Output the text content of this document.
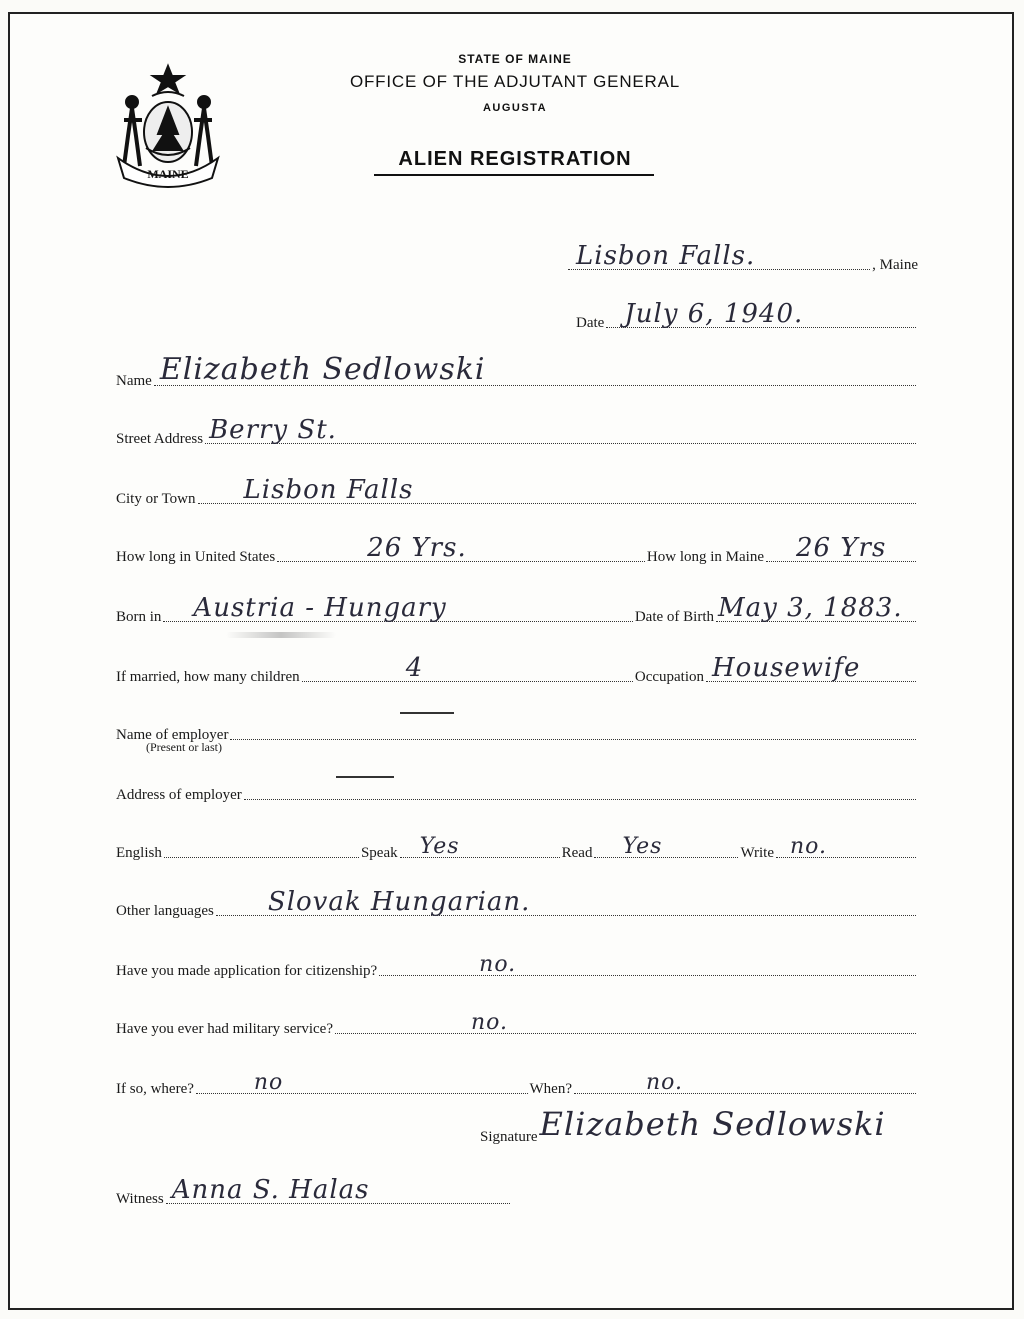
MAINE
STATE OF MAINE
OFFICE OF THE ADJUTANT GENERAL
AUGUSTA
ALIEN REGISTRATION
Lisbon Falls.	, Maine
Date July 6, 1940.
Name Elizabeth Sedlowski
Street Address Berry St.
City or Town Lisbon Falls
How long in United States	26 Yrs.	How long in Maine 26 Yrs
Born in Austria - Hungary	Date of Birth May 3, 1883.
If married, how many children	4	Occupation Housewife
Name of employer
(Present or last)
Address of employer
English	Speak Yes	Read Yes	Write no.
Other languages Slovak Hungarian.
Have you made application for citizenship?	no.
Have you ever had military service?	no.
If so, where?	no	When?	no.
Signature Elizabeth Sedlowski
Witness Anna S. Halas
